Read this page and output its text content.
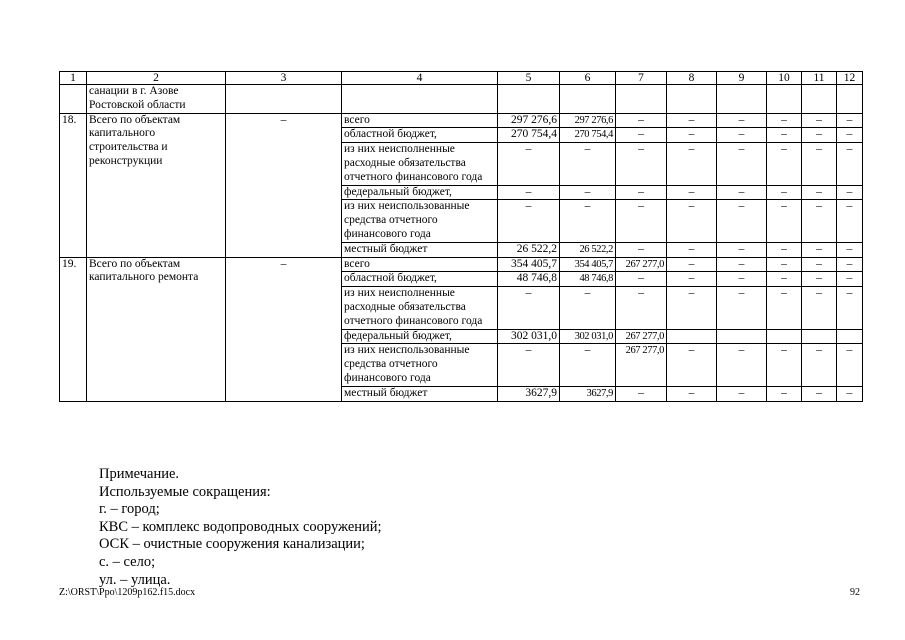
1	2	3	4	5	6	7	8	9	10	11	12
	санации в г. Азове Ростовской области										
18.	Всего по объектам капитального строительства и реконструкции	–	всего	297 276,6	297 276,6	–	–	–	–	–	–
			областной бюджет,	270 754,4	270 754,4	–	–	–	–	–	–
			из них неисполненные расходные обязательства отчетного финансового года	–	–	–	–	–	–	–	–
			федеральный бюджет,	–	–	–	–	–	–	–	–
			из них неиспользованные средства отчетного финансового года	–	–	–	–	–	–	–	–
			местный бюджет	26 522,2	26 522,2	–	–	–	–	–	–
19.	Всего по объектам капитального ремонта	–	всего	354 405,7	354 405,7	267 277,0	–	–	–	–	–
			областной бюджет,	48 746,8	48 746,8	–	–	–	–	–	–
			из них неисполненные расходные обязательства отчетного финансового года	–	–	–	–	–	–	–	–
			федеральный бюджет,	302 031,0	302 031,0	267 277,0					
			из них неиспользованные средства отчетного финансового года	–	–	267 277,0	–	–	–	–	–
			местный бюджет	3627,9	3627,9	–	–	–	–	–	–
Примечание.
Используемые сокращения:
г. – город;
КВС – комплекс водопроводных сооружений;
ОСК – очистные сооружения канализации;
с. – село;
ул. – улица.
Z:\ORST\Ppo\1209p162.f15.docx	92
